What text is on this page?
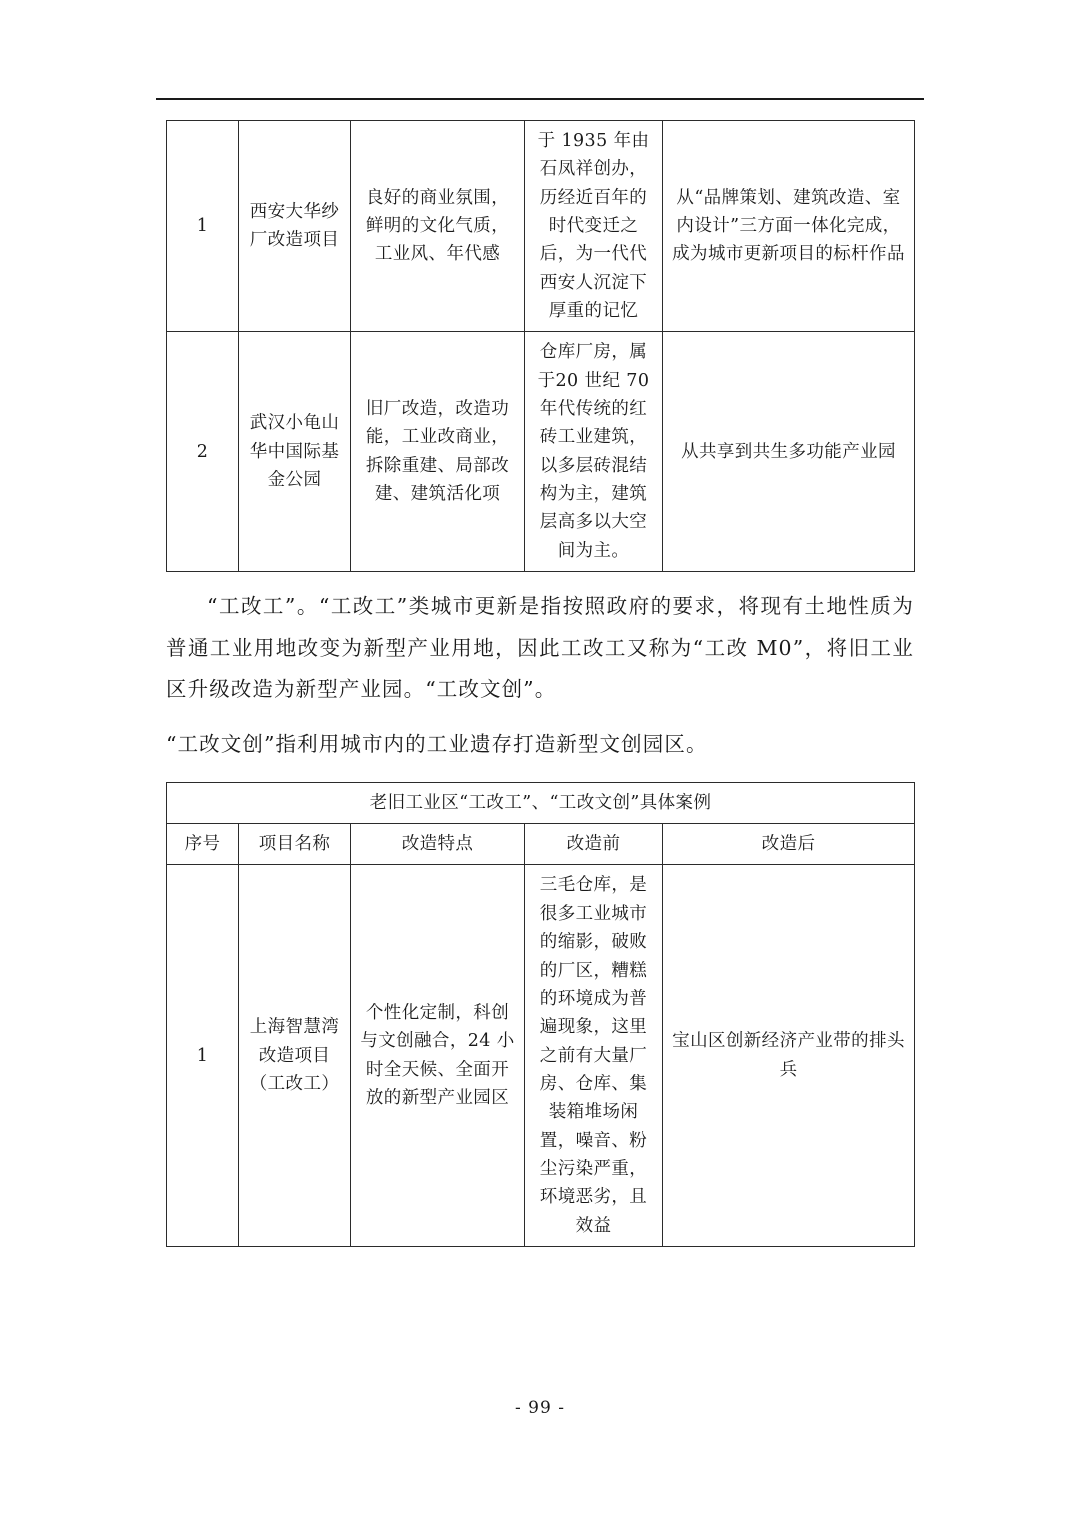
1	西安大华纱厂改造项目	良好的商业氛围，鲜明的文化气质，工业风、年代感	于 1935 年由石凤祥创办，历经近百年的时代变迁之后，为一代代西安人沉淀下厚重的记忆	从“品牌策划、建筑改造、室内设计”三方面一体化完成，成为城市更新项目的标杆作品
2	武汉小龟山华中国际基金公园	旧厂改造，改造功能，工业改商业，拆除重建、局部改建、建筑活化项	仓库厂房，属于20 世纪 70 年代传统的红砖工业建筑，以多层砖混结构为主，建筑层高多以大空间为主。	从共享到共生多功能产业园

“工改工”。“工改工”类城市更新是指按照政府的要求，将现有土地性质为普通工业用地改变为新型产业用地，因此工改工又称为“工改 M0”，将旧工业区升级改造为新型产业园。“工改文创”。

“工改文创”指利用城市内的工业遗存打造新型文创园区。

老旧工业区“工改工”、“工改文创”具体案例				
序号	项目名称	改造特点	改造前	改造后
1	上海智慧湾改造项目（工改工）	个性化定制，科创与文创融合，24 小时全天候、全面开放的新型产业园区	三毛仓库，是很多工业城市的缩影，破败的厂区，糟糕的环境成为普遍现象，这里之前有大量厂房、仓库、集装箱堆场闲置，噪音、粉尘污染严重，环境恶劣，且效益	宝山区创新经济产业带的排头兵
- 99 -
